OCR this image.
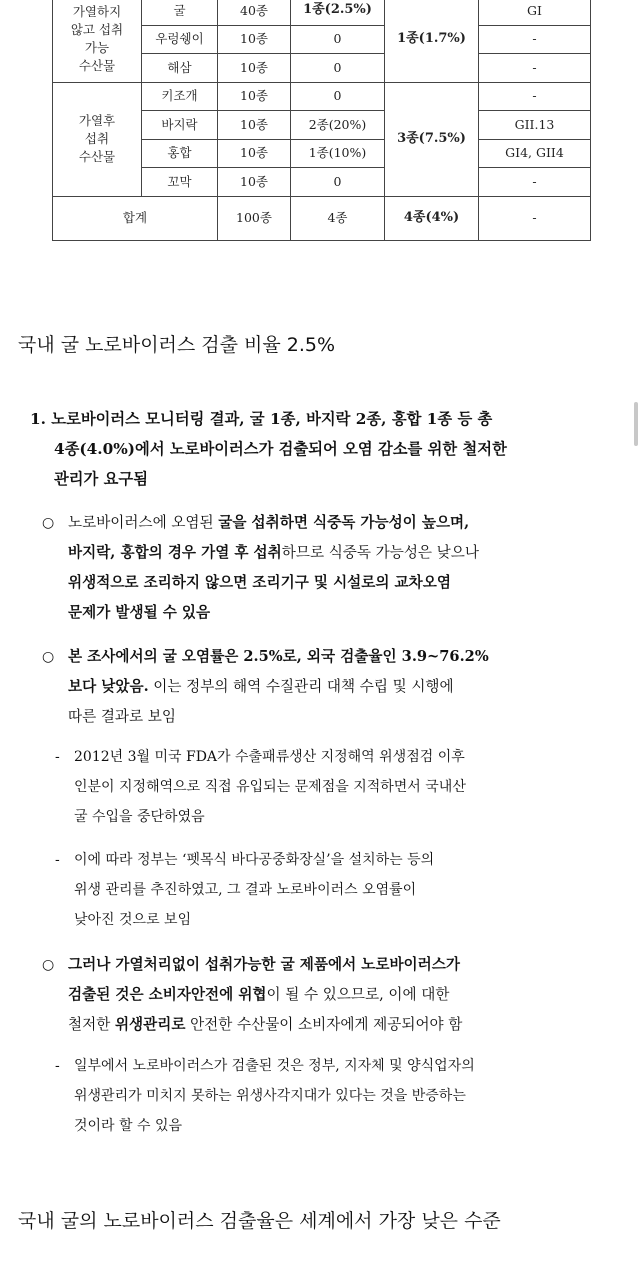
가열하지
않고 섭취
가능
수산물	굴	40종	1종(2.5%)	1종(1.7%)	GI
	우렁쉥이	10종	0		-
	해삼	10종	0		-
가열후
섭취
수산물	키조개	10종	0	3종(7.5%)	-
	바지락	10종	2종(20%)		GII.13
	홍합	10종	1종(10%)		GI4, GII4
	꼬막	10종	0		-
합계		100종	4종	4종(4%)	-
국내 굴 노로바이러스 검출 비율 2.5%
1. 노로바이러스 모니터링 결과, 굴 1종, 바지락 2종, 홍합 1종 등 총
4종(4.0%)에서 노로바이러스가 검출되어 오염 감소를 위한 철저한
관리가 요구됨
○ 노로바이러스에 오염된 굴을 섭취하면 식중독 가능성이 높으며,
바지락, 홍합의 경우 가열 후 섭취하므로 식중독 가능성은 낮으나
위생적으로 조리하지 않으면 조리기구 및 시설로의 교차오염
문제가 발생될 수 있음
○ 본 조사에서의 굴 오염률은 2.5%로, 외국 검출율인 3.9~76.2%
보다 낮았음. 이는 정부의 해역 수질관리 대책 수립 및 시행에
따른 결과로 보임
- 2012년 3월 미국 FDA가 수출패류생산 지정해역 위생점검 이후
인분이 지정해역으로 직접 유입되는 문제점을 지적하면서 국내산
굴 수입을 중단하였음
- 이에 따라 정부는 ‘펫목식 바다공중화장실’을 설치하는 등의
위생 관리를 추진하였고, 그 결과 노로바이러스 오염률이
낮아진 것으로 보임
○ 그러나 가열처리없이 섭취가능한 굴 제품에서 노로바이러스가
검출된 것은 소비자안전에 위협이 될 수 있으므로, 이에 대한
철저한 위생관리로 안전한 수산물이 소비자에게 제공되어야 함
- 일부에서 노로바이러스가 검출된 것은 정부, 지자체 및 양식업자의
위생관리가 미치지 못하는 위생사각지대가 있다는 것을 반증하는
것이라 할 수 있음
국내 굴의 노로바이러스 검출율은 세계에서 가장 낮은 수준
